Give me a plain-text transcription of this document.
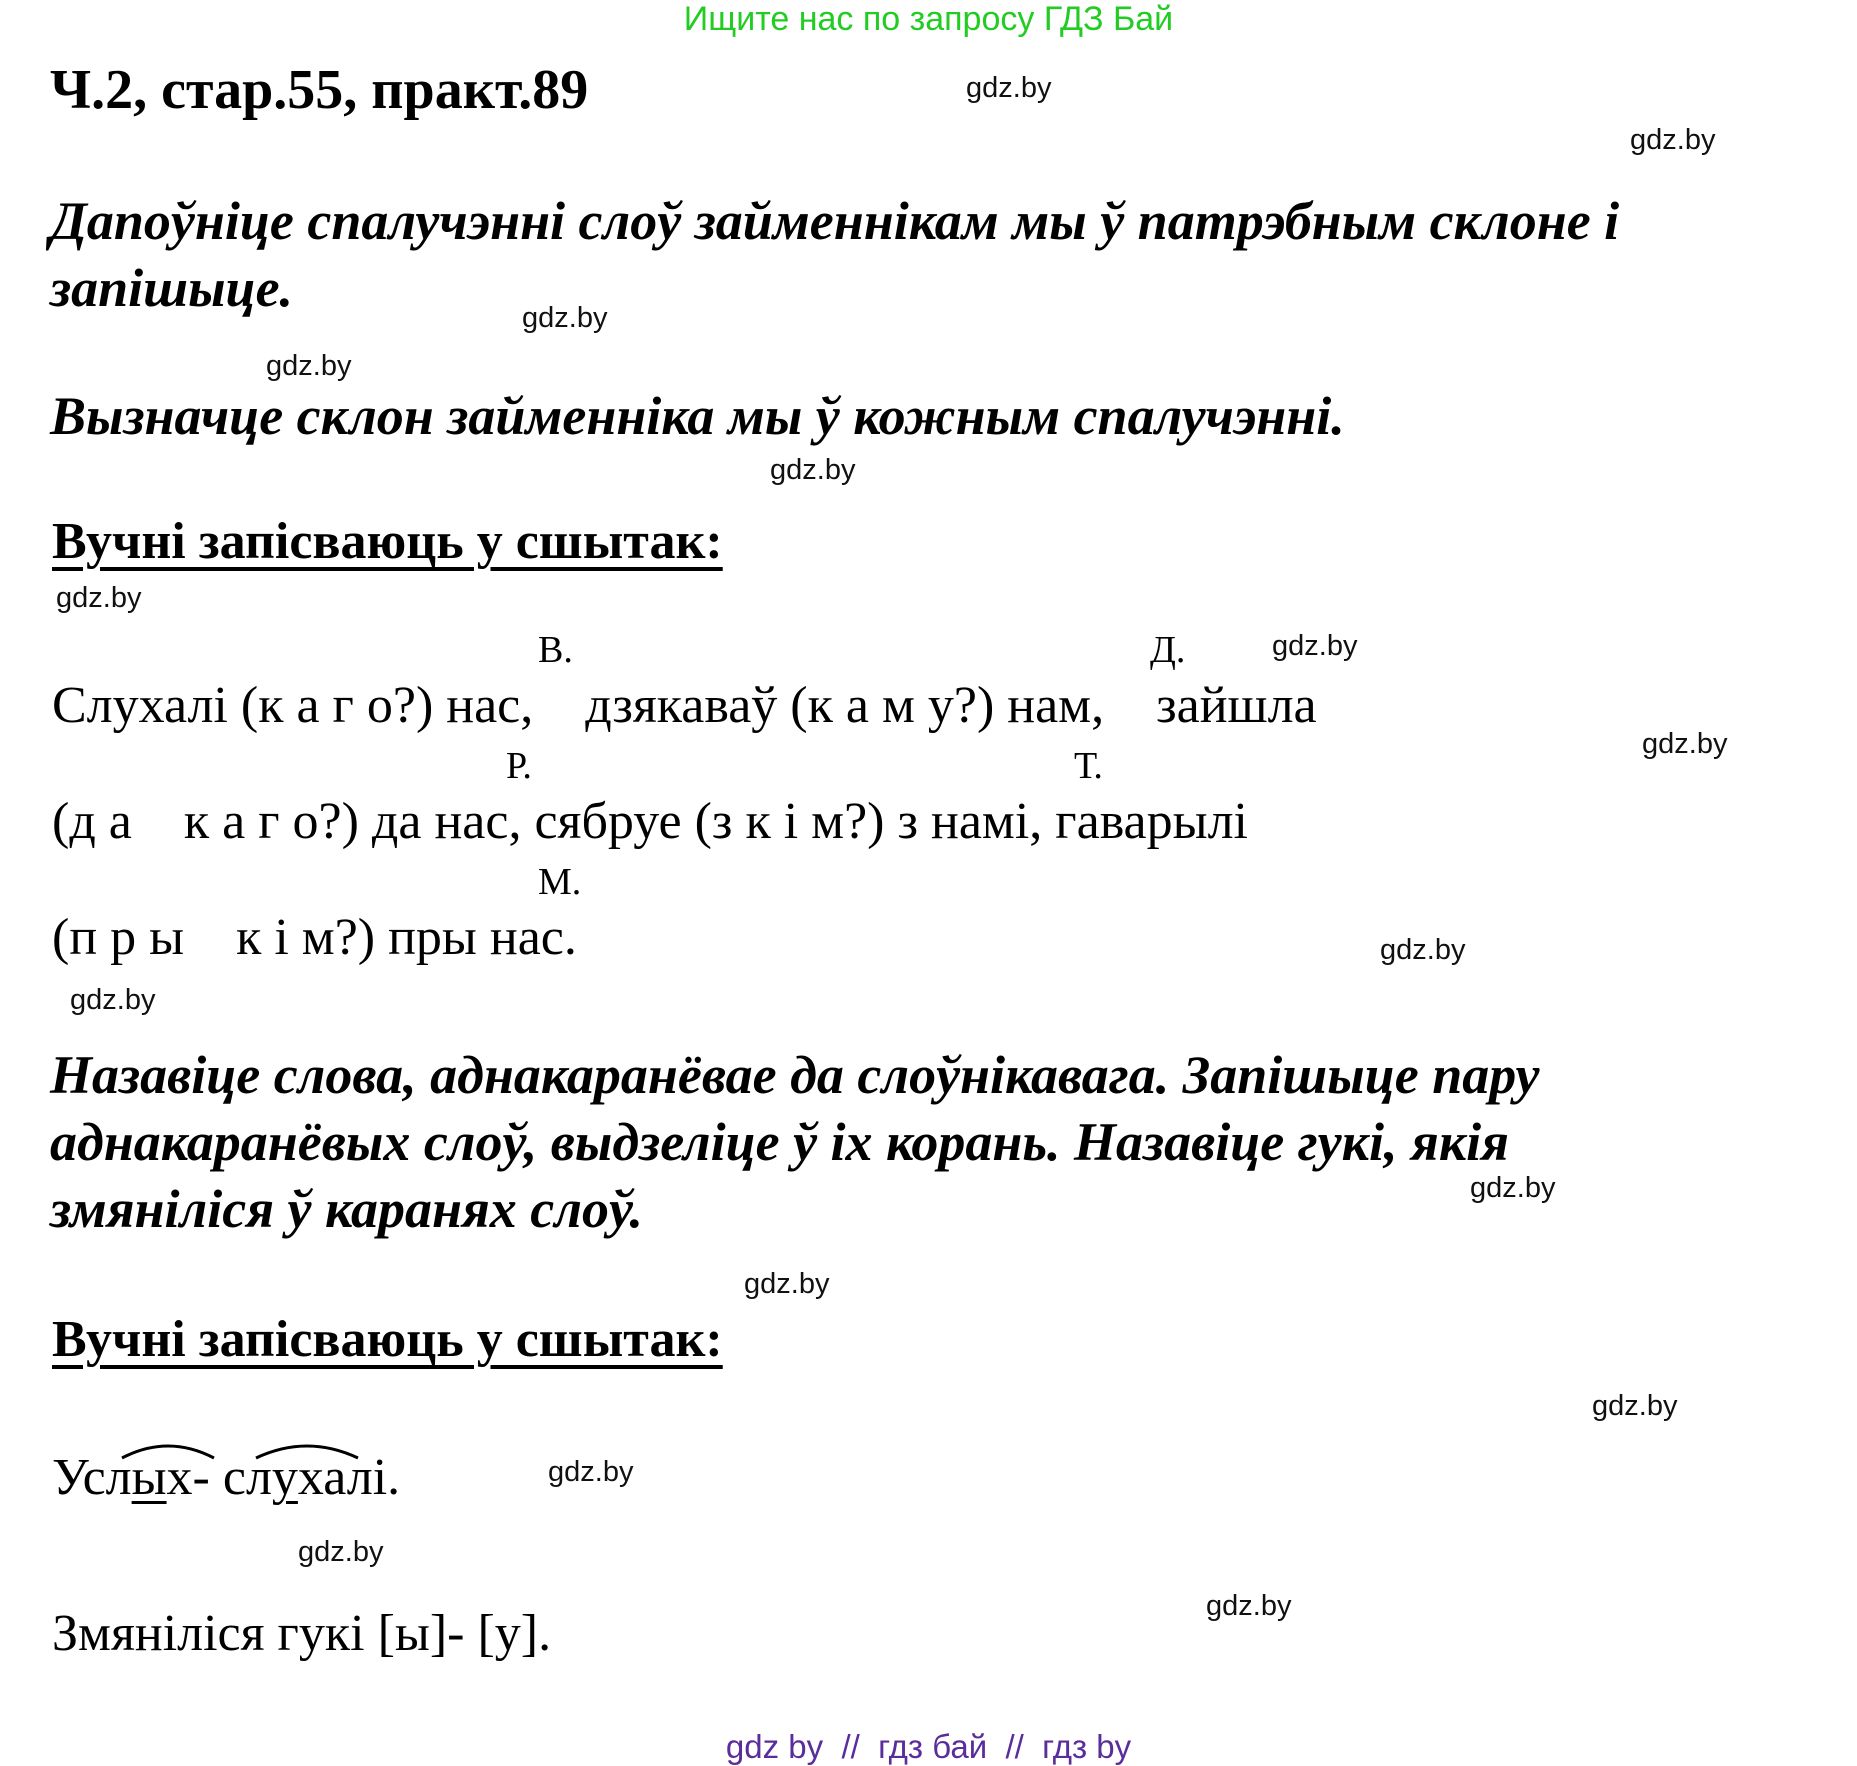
Ищите нас по запросу ГДЗ Бай
Ч.2, стар.55, практ.89
Дапоўніце спалучэнні слоў займеннікам мы ў патрэбным склоне і
запішыце.
Вызначце склон займенніка мы ў кожным спалучэнні.
Вучні запісваюць у сшытак:
В.	Д.
Слухалі (к а г о?) нас,    дзякаваў (к а м у?) нам,    зайшла
Р.	Т.
(д а    к а г о?) да нас, сябруе (з к і м?) з намі, гаварылі
М.
(п р ы    к і м?) пры нас.
Назавіце слова, аднакаранёвае да слоўнікавага. Запішыце пару
аднакаранёвых слоў, выдзеліце ў іх корань. Назавіце гукі, якія
змяніліся ў каранях слоў.
Вучні запісваюць у сшытак:
Услых- слухалі.
Змяніліся гукі [ы]- [у].
gdz.by
gdz.by
gdz.by
gdz.by
gdz.by
gdz.by
gdz.by
gdz.by
gdz.by
gdz.by
gdz.by
gdz.by
gdz.by
gdz.by
gdz.by
gdz.by
gdz by  //  гдз бай  //  гдз by
